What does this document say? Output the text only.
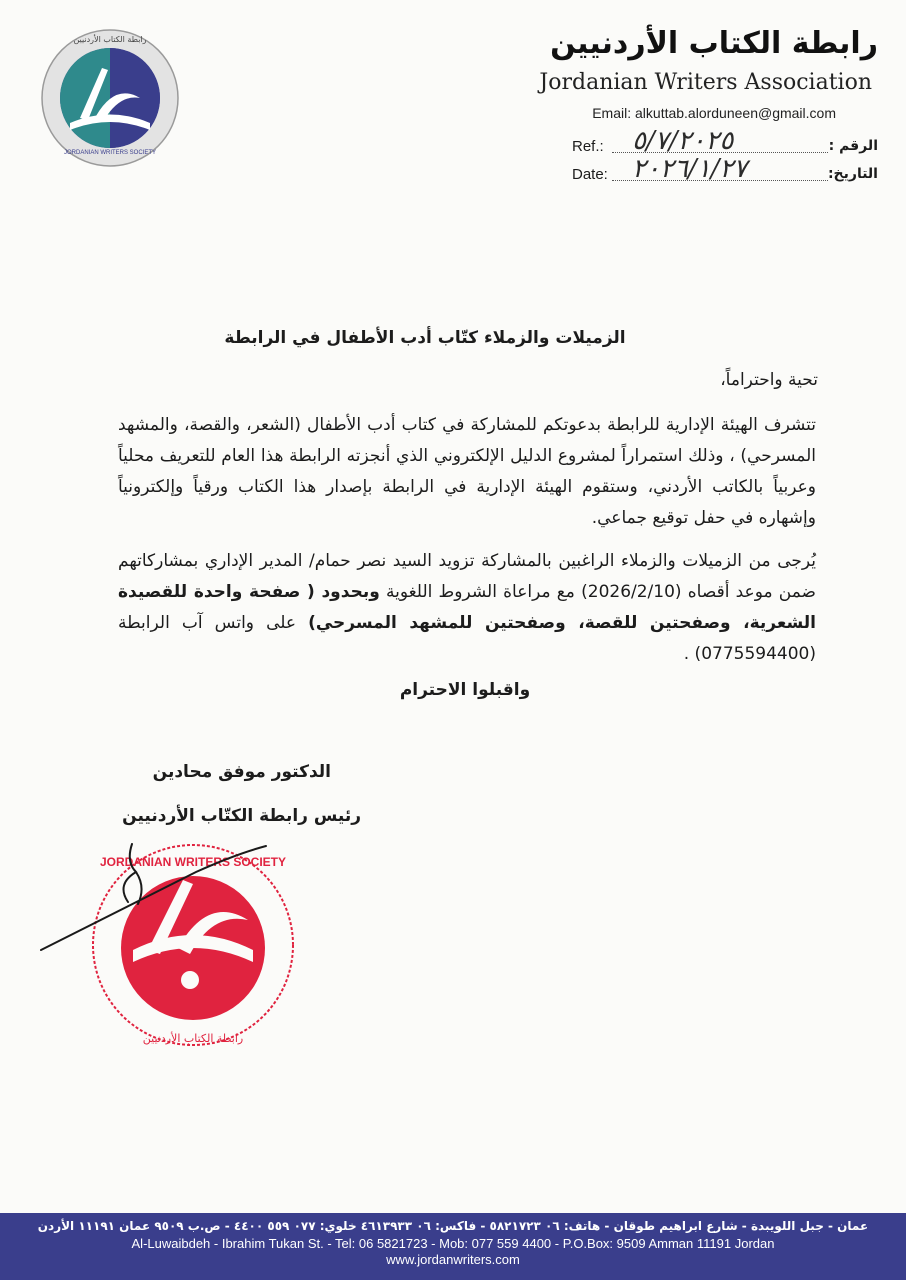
JORDANIAN WRITERS SOCIETY
رابطة الكتاب الأردنيين	رابطة الكتاب الأردنيين
Jordanian Writers Association
Email: alkuttab.alorduneen@gmail.com
Ref.: ٥/٧/٢٠٢٥	الرقم :
Date: ٢٠٢٦/١/٢٧	التاريخ:
الزميلات والزملاء كتّاب أدب الأطفال في الرابطة
تحية واحتراماً،
تتشرف الهيئة الإدارية للرابطة بدعوتكم للمشاركة في كتاب أدب الأطفال (الشعر، والقصة، والمشهد المسرحي) ، وذلك استمراراً لمشروع الدليل الإلكتروني الذي أنجزته الرابطة هذا العام للتعريف محلياً وعربياً بالكاتب الأردني، وستقوم الهيئة الإدارية في الرابطة بإصدار هذا الكتاب ورقياً وإلكترونياً وإشهاره في حفل توقيع جماعي.
يُرجى من الزميلات والزملاء الراغبين بالمشاركة تزويد السيد نصر حمام/ المدير الإداري بمشاركاتهم ضمن موعد أقصاه (2026/2/10) مع مراعاة الشروط اللغوية وبحدود ( صفحة واحدة للقصيدة الشعرية، وصفحتين للقصة، وصفحتين للمشهد المسرحي) على واتس آب الرابطة (0775594400) .
واقبلوا الاحترام
الدكتور موفق محادين
رئيس رابطة الكتّاب الأردنيين
JORDANIAN WRITERS SOCIETY
رابطة الكتاب الأردنيين
عمان - جبل اللويبدة - شارع ابراهيم طوقان - هاتف: ٠٦ ٥٨٢١٧٢٣ - فاكس: ٠٦ ٤٦١٣٩٣٣ خلوي: ٠٧٧ ٥٥٩ ٤٤٠٠ - ص.ب ٩٥٠٩ عمان ١١١٩١ الأردن
Al-Luwaibdeh - Ibrahim Tukan St. - Tel: 06 5821723 - Mob: 077 559 4400 - P.O.Box: 9509 Amman 11191 Jordan
www.jordanwriters.com
